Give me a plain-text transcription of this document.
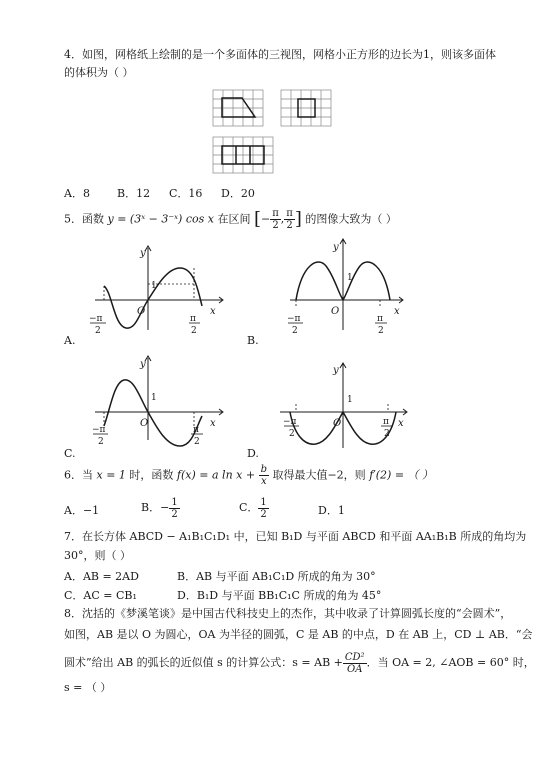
4．如图，网格纸上绘制的是一个多面体的三视图，网格小正方形的边长为1，则该多面体
的体积为（ ）
A．8 B．12 C．16 D．20
5．函数 y = (3ˣ − 3⁻ˣ) cos x 在区间 [− $\frac{\pi}{2}$ , $\frac{\pi}{2}$ ] 的图像大致为（ ）
y
x
O
1
−π
2
π
2
A.
y
x
O
1
−π
2
π
2
B.
y
x
O
1
−π
2
π
2
C.
y
x
O
1
−π
2
π
2
D.
6．当 x = 1 时，函数 f(x) = a $\ln x + \frac{b}{x}$ 取得最大值−2，则 f′(2) = （ ）
A．−1	B．− $\frac{1}{2}$	C． $\frac{1}{2}$	D．1
7．在长方体 ABCD − A₁B₁C₁D₁ 中，已知 B₁D 与平面 ABCD 和平面 AA₁B₁B 所成的角均为
30°，则（ ）
A．AB = 2AD	B．AB 与平面 AB₁C₁D 所成的角为 30°
C．AC = CB₁	D．B₁D 与平面 BB₁C₁C 所成的角为 45°
8．沈括的《梦溪笔谈》是中国古代科技史上的杰作，其中收录了计算圆弧长度的“会圆术”，
如图，AB 是以 O 为圆心，OA 为半径的圆弧，C 是 AB 的中点，D 在 AB 上，CD ⊥ AB．“会
圆术”给出 AB 的弧长的近似值 s 的计算公式：s = AB + $\frac{\text{CD²}}{OA}$ ．当 OA = 2, ∠AOB = 60° 时，
s = （ ）
